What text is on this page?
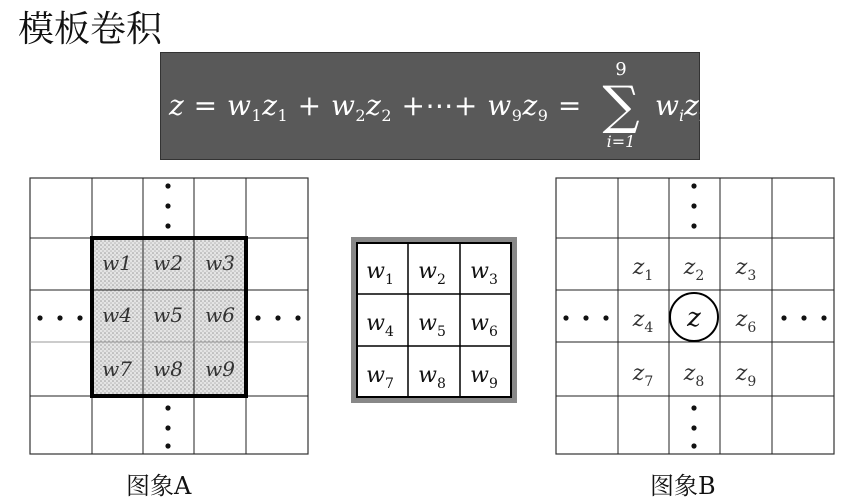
模板卷积
$z = w_1z_1 + w_2z_2$ +⋯+ $w_9z_9$ =
9
∑
i=1
$w_iz_i$
w1 w2 w3
w4 w5 w6
w7 w8 w9
w1 w2 w3
w4 w5 w6
w7 w8 w9
z1 z2 z3
z4 z z6
z7 z8 z9
图象A	图象B
